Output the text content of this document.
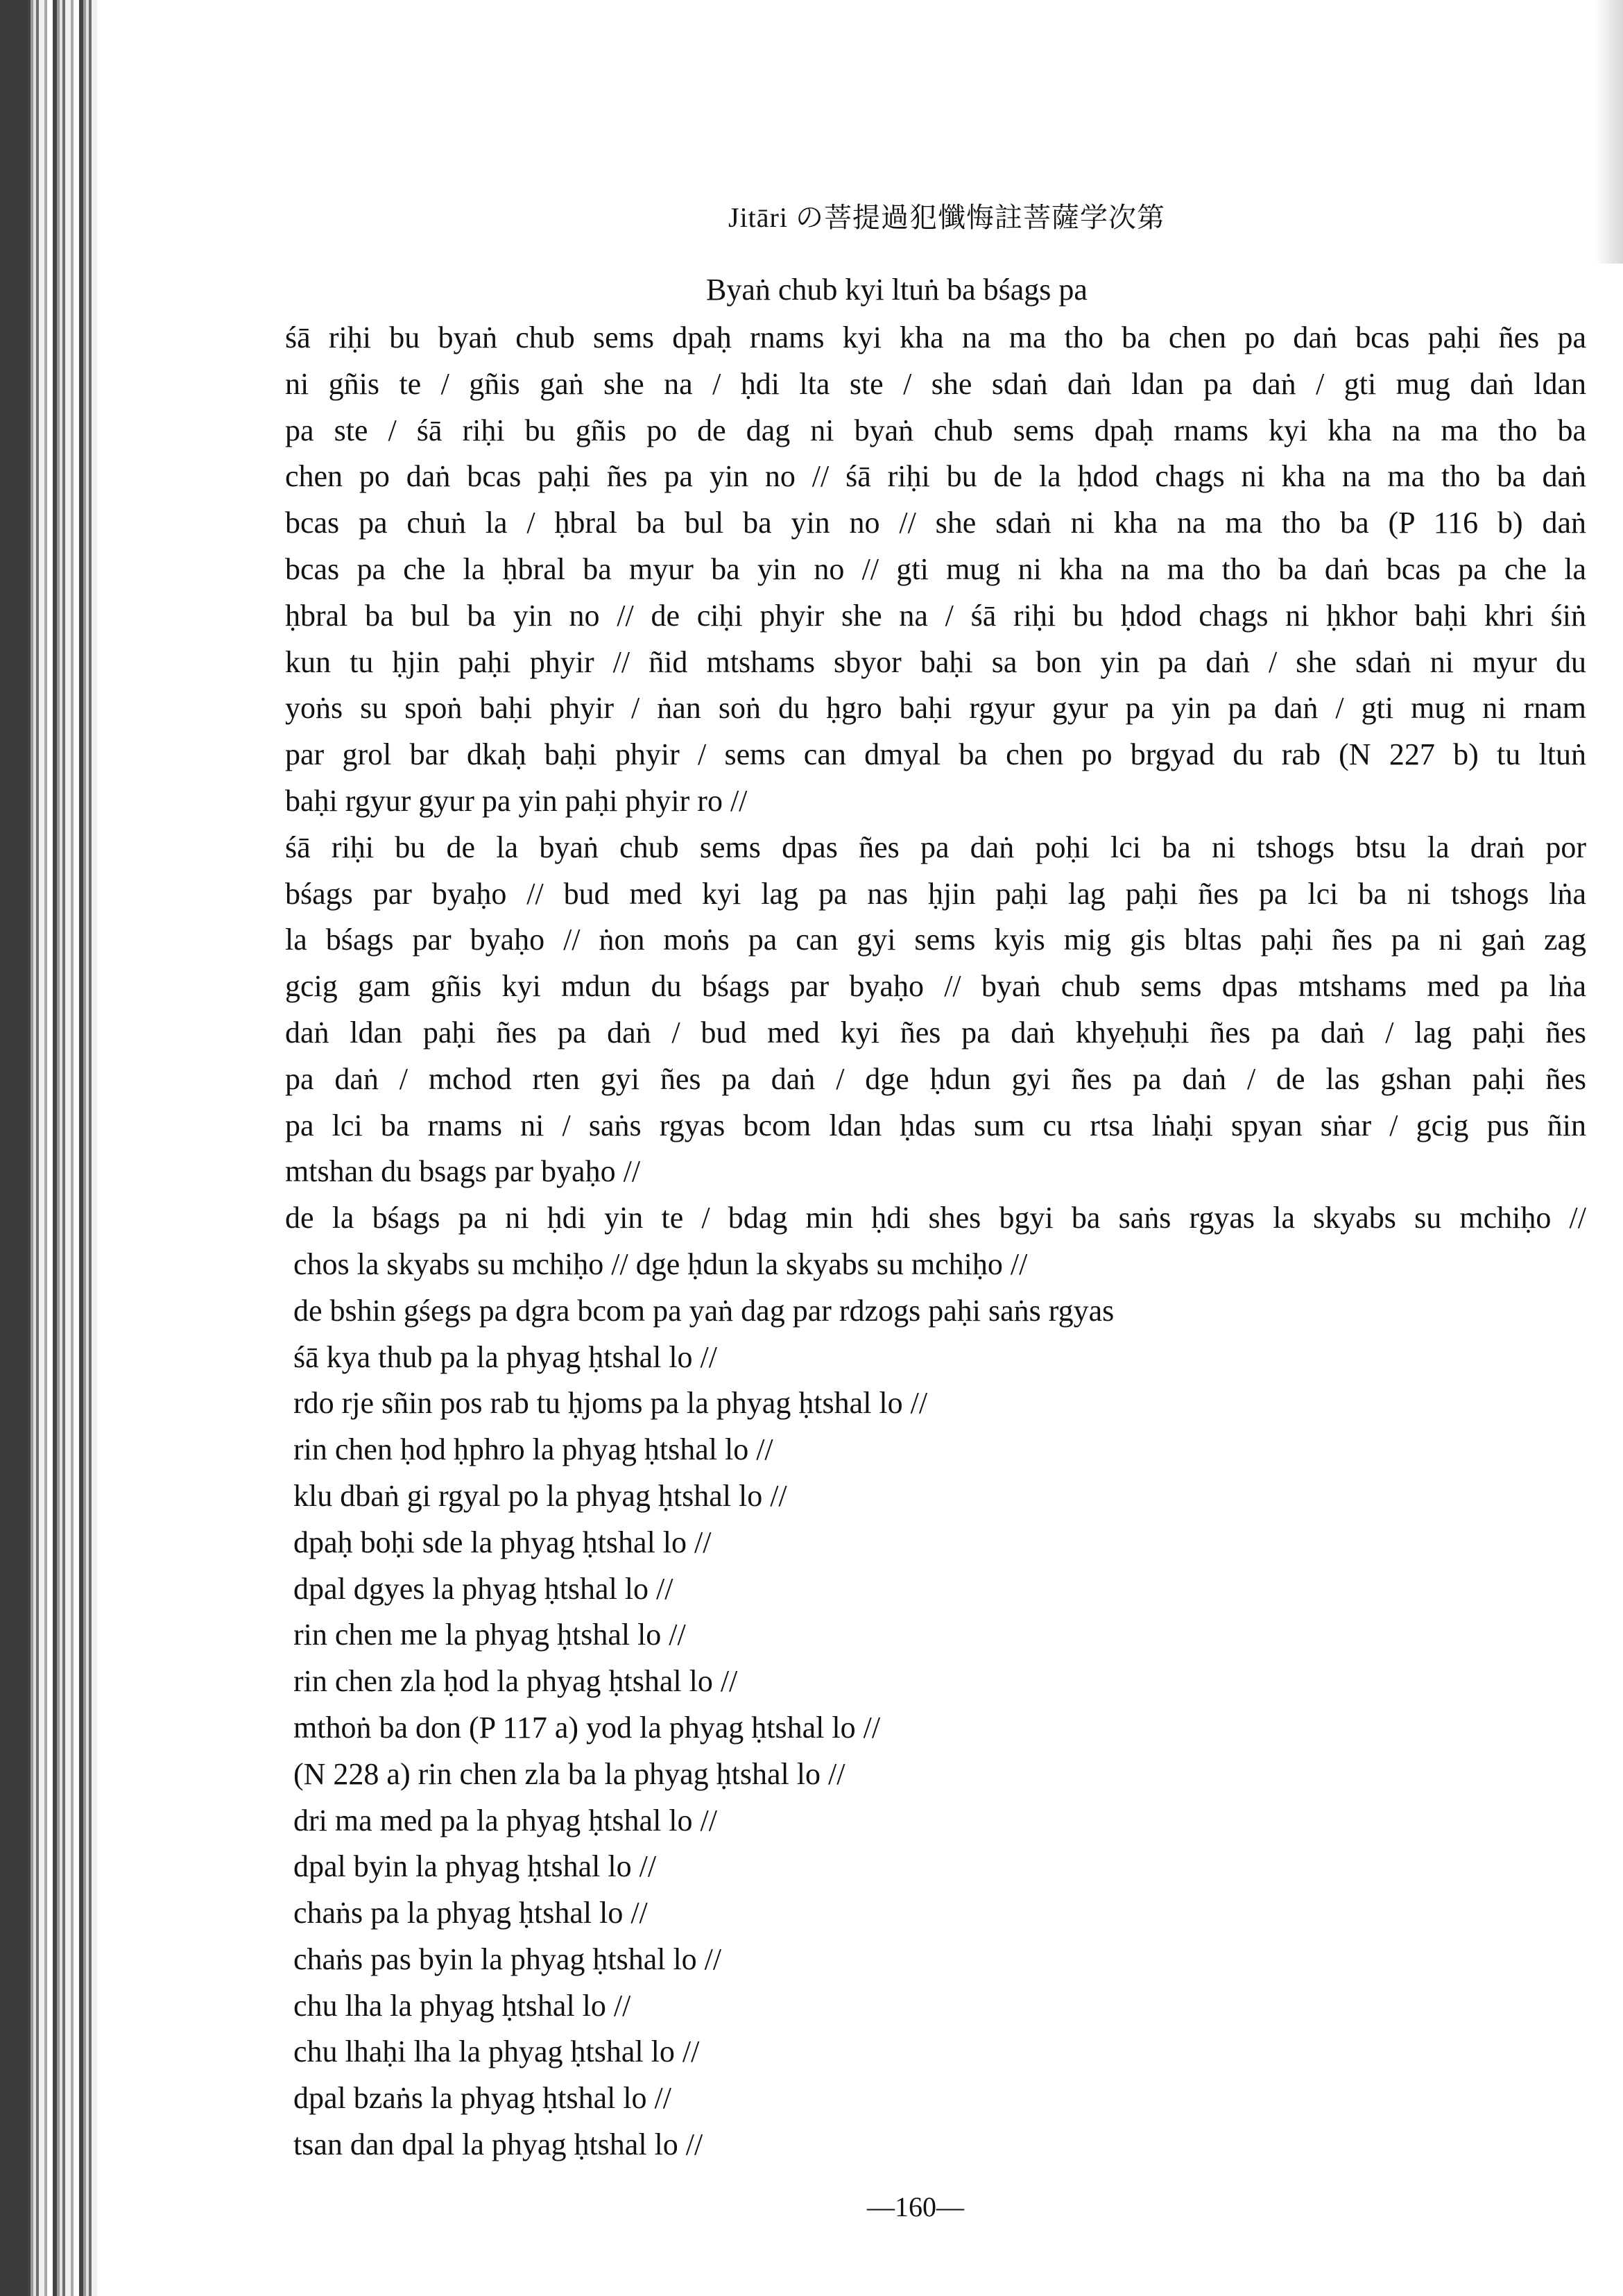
Jitāri の菩提過犯懺悔註菩薩学次第
Byaṅ chub kyi ltuṅ ba bśags pa
śā riḥi bu byaṅ chub sems dpaḥ rnams kyi kha na ma tho ba chen po daṅ bcas paḥi ñes pa
ni gñis te / gñis gaṅ she na / ḥdi lta ste / she sdaṅ daṅ ldan pa daṅ / gti mug daṅ ldan
pa ste / śā riḥi bu gñis po de dag ni byaṅ chub sems dpaḥ rnams kyi kha na ma tho ba
chen po daṅ bcas paḥi ñes pa yin no // śā riḥi bu de la ḥdod chags ni kha na ma tho ba daṅ
bcas pa chuṅ la / ḥbral ba bul ba yin no // she sdaṅ ni kha na ma tho ba (P 116 b) daṅ
bcas pa che la ḥbral ba myur ba yin no // gti mug ni kha na ma tho ba daṅ bcas pa che la
ḥbral ba bul ba yin no // de ciḥi phyir she na / śā riḥi bu ḥdod chags ni ḥkhor baḥi khri śiṅ
kun tu ḥjin paḥi phyir // ñid mtshams sbyor baḥi sa bon yin pa daṅ / she sdaṅ ni myur du
yoṅs su spoṅ baḥi phyir / ṅan soṅ du ḥgro baḥi rgyur gyur pa yin pa daṅ / gti mug ni rnam
par grol bar dkaḥ baḥi phyir / sems can dmyal ba chen po brgyad du rab (N 227 b) tu ltuṅ
baḥi rgyur gyur pa yin paḥi phyir ro //
śā riḥi bu de la byaṅ chub sems dpas ñes pa daṅ poḥi lci ba ni tshogs btsu la draṅ por
bśags par byaḥo // bud med kyi lag pa nas ḥjin paḥi lag paḥi ñes pa lci ba ni tshogs lṅa
la bśags par byaḥo // ṅon moṅs pa can gyi sems kyis mig gis bltas paḥi ñes pa ni gaṅ zag
gcig gam gñis kyi mdun du bśags par byaḥo // byaṅ chub sems dpas mtshams med pa lṅa
daṅ ldan paḥi ñes pa daṅ / bud med kyi ñes pa daṅ khyeḥuḥi ñes pa daṅ / lag paḥi ñes
pa daṅ / mchod rten gyi ñes pa daṅ / dge ḥdun gyi ñes pa daṅ / de las gshan paḥi ñes
pa lci ba rnams ni / saṅs rgyas bcom ldan ḥdas sum cu rtsa lṅaḥi spyan sṅar / gcig pus ñin
mtshan du bsags par byaḥo //
de la bśags pa ni ḥdi yin te / bdag min ḥdi shes bgyi ba saṅs rgyas la skyabs su mchiḥo //
chos la skyabs su mchiḥo // dge ḥdun la skyabs su mchiḥo //
de bshin gśegs pa dgra bcom pa yaṅ dag par rdzogs paḥi saṅs rgyas
śā kya thub pa la phyag ḥtshal lo //
rdo rje sñin pos rab tu ḥjoms pa la phyag ḥtshal lo //
rin chen ḥod ḥphro la phyag ḥtshal lo //
klu dbaṅ gi rgyal po la phyag ḥtshal lo //
dpaḥ boḥi sde la phyag ḥtshal lo //
dpal dgyes la phyag ḥtshal lo //
rin chen me la phyag ḥtshal lo //
rin chen zla ḥod la phyag ḥtshal lo //
mthoṅ ba don (P 117 a) yod la phyag ḥtshal lo //
(N 228 a) rin chen zla ba la phyag ḥtshal lo //
dri ma med pa la phyag ḥtshal lo //
dpal byin la phyag ḥtshal lo //
chaṅs pa la phyag ḥtshal lo //
chaṅs pas byin la phyag ḥtshal lo //
chu lha la phyag ḥtshal lo //
chu lhaḥi lha la phyag ḥtshal lo //
dpal bzaṅs la phyag ḥtshal lo //
tsan dan dpal la phyag ḥtshal lo //
—160—
